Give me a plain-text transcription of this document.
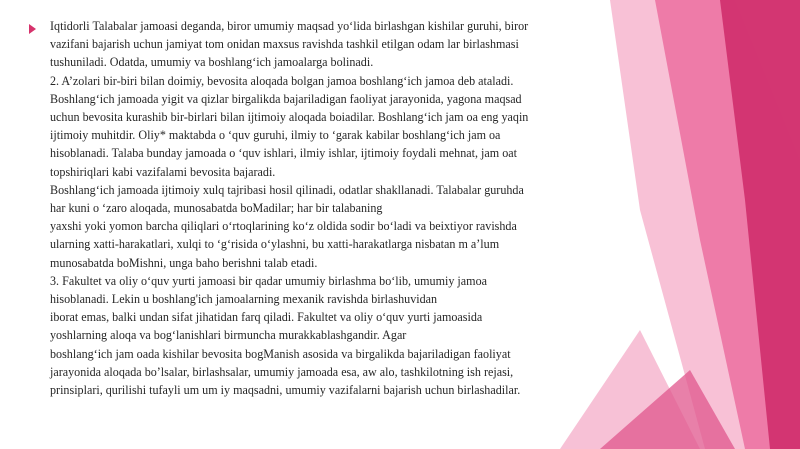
Iqtidorli Talabalar jamoasi deganda, biror umumiy maqsad yo‘lida birlashgan kishilar guruhi, biror
vazifani bajarish uchun jamiyat tom onidan maxsus ravishda tashkil etilgan odam lar birlashmasi
tushuniladi. Odatda, umumiy va boshlang‘ich jamoalarga bolinadi.
2. A’zolari bir-biri bilan doimiy, bevosita aloqada bolgan jamoa boshlang‘ich jamoa deb ataladi.
Boshlang‘ich jamoada yigit va qizlar birgalikda bajariladigan faoliyat jarayonida, yagona maqsad
uchun bevosita kurashib bir-birlari bilan ijtimoiy aloqada boiadilar. Boshlang‘ich jam oa eng yaqin
ijtimoiy muhitdir. Oliy* maktabda o ‘quv guruhi, ilmiy to ‘garak kabilar boshlang‘ich jam oa
hisoblanadi. Talaba bunday jamoada o ‘quv ishlari, ilmiy ishlar, ijtimoiy foydali mehnat, jam oat
topshiriqlari kabi vazifalami bevosita bajaradi.
Boshlang‘ich jamoada ijtimoiy xulq tajribasi hosil qilinadi, odatlar shakllanadi. Talabalar guruhda
har kuni o ‘zaro aloqada, munosabatda boMadilar; har bir talabaning
yaxshi yoki yomon barcha qiliqlari o‘rtoqlarining ko‘z oldida sodir bo‘ladi va beixtiyor ravishda
ularning xatti-harakatlari, xulqi to ‘g‘risida o‘ylashni, bu xatti-harakatlarga nisbatan m a’lum
munosabatda boMishni, unga baho berishni talab etadi.
3. Fakultet va oliy o‘quv yurti jamoasi bir qadar umumiy birlashma bo‘lib, umumiy jamoa
hisoblanadi. Lekin u boshlang'ich jamoalarning mexanik ravishda birlashuvidan
iborat emas, balki undan sifat jihatidan farq qiladi. Fakultet va oliy o‘quv yurti jamoasida
yoshlarning aloqa va bog‘lanishlari birmuncha murakkablashgandir. Agar
boshlang‘ich jam oada kishilar bevosita bogManish asosida va birgalikda bajariladigan faoliyat
jarayonida aloqada bo’lsalar, birlashsalar, umumiy jamoada esa, aw alo, tashkilotning ish rejasi,
prinsiplari, qurilishi tufayli um um iy maqsadni, umumiy vazifalarni bajarish uchun birlashadilar.
